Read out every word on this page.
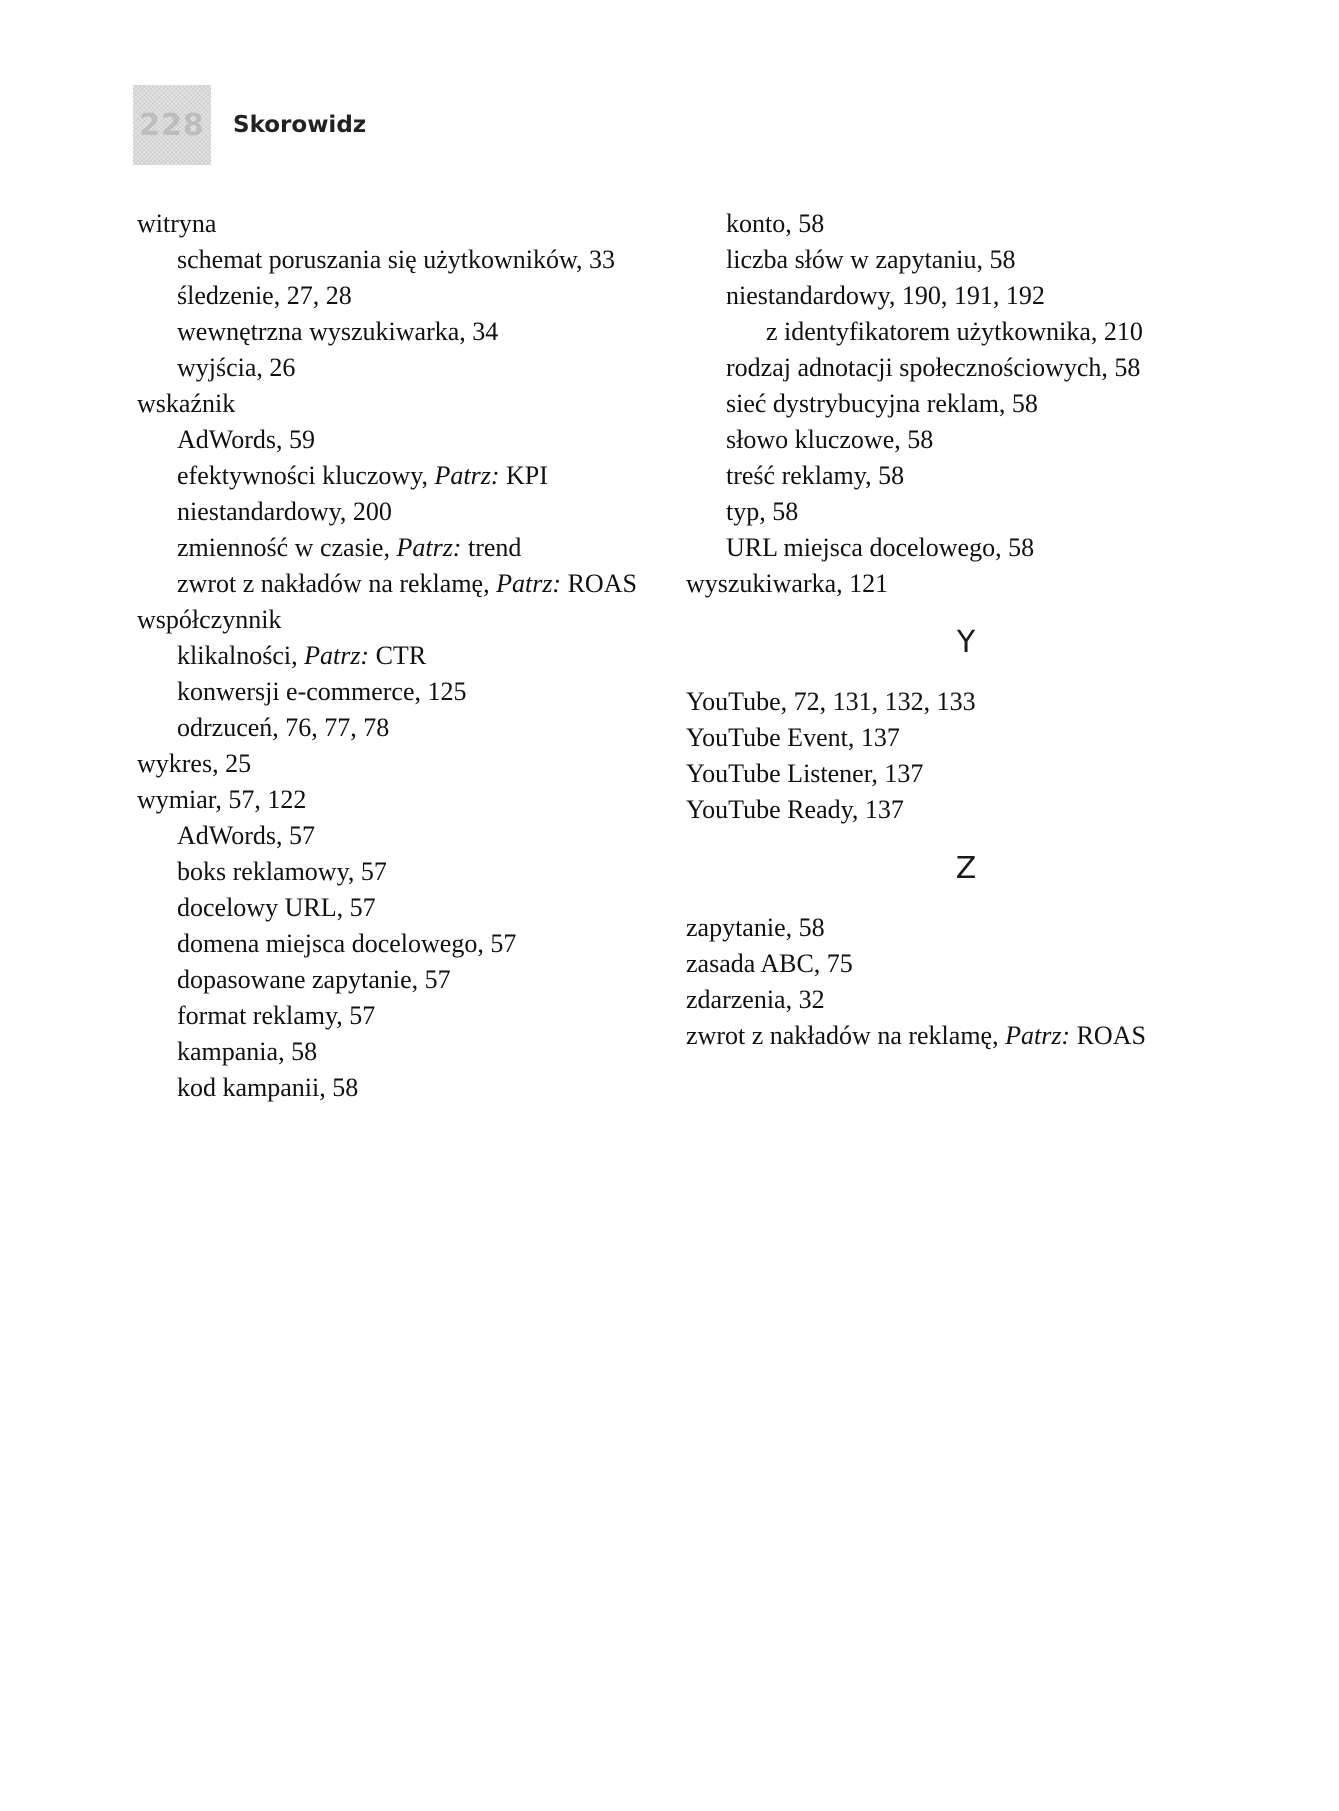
228 Skorowidz
witryna
schemat poruszania się użytkowników, 33
śledzenie, 27, 28
wewnętrzna wyszukiwarka, 34
wyjścia, 26
wskaźnik
AdWords, 59
efektywności kluczowy, Patrz: KPI
niestandardowy, 200
zmienność w czasie, Patrz: trend
zwrot z nakładów na reklamę, Patrz: ROAS
współczynnik
klikalności, Patrz: CTR
konwersji e-commerce, 125
odrzuceń, 76, 77, 78
wykres, 25
wymiar, 57, 122
AdWords, 57
boks reklamowy, 57
docelowy URL, 57
domena miejsca docelowego, 57
dopasowane zapytanie, 57
format reklamy, 57
kampania, 58
kod kampanii, 58
konto, 58
liczba słów w zapytaniu, 58
niestandardowy, 190, 191, 192
z identyfikatorem użytkownika, 210
rodzaj adnotacji społecznościowych, 58
sieć dystrybucyjna reklam, 58
słowo kluczowe, 58
treść reklamy, 58
typ, 58
URL miejsca docelowego, 58
wyszukiwarka, 121
Y
YouTube, 72, 131, 132, 133
YouTube Event, 137
YouTube Listener, 137
YouTube Ready, 137
Z
zapytanie, 58
zasada ABC, 75
zdarzenia, 32
zwrot z nakładów na reklamę, Patrz: ROAS
